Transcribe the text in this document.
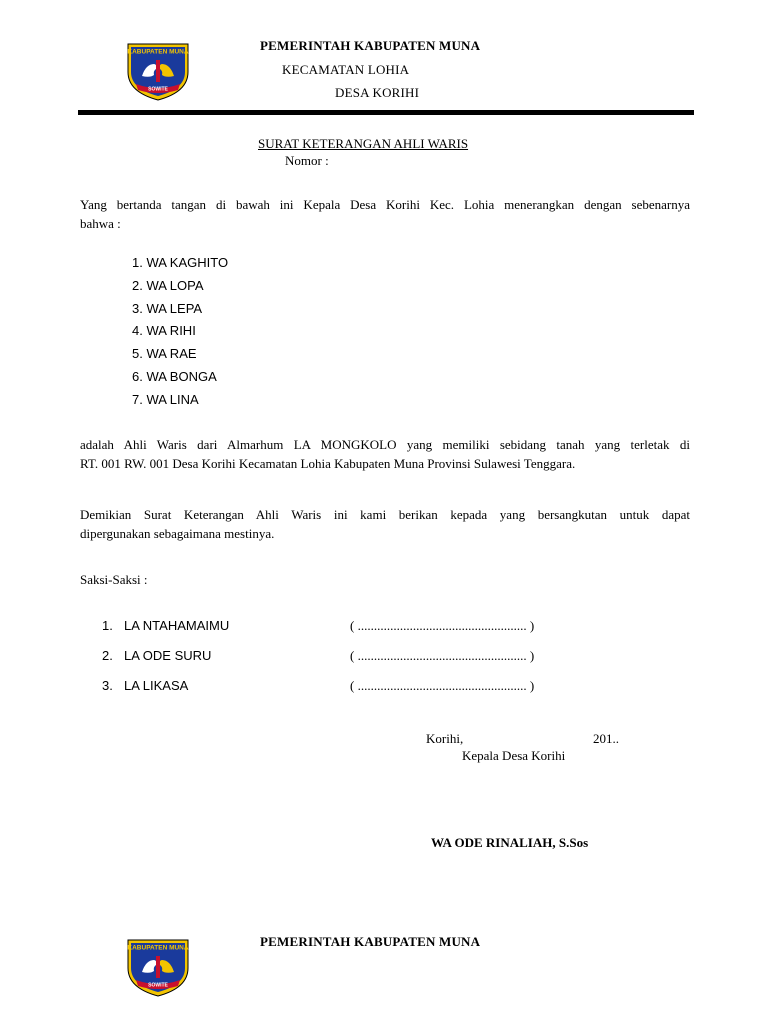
KABUPATEN MUNA
SOWITE
PEMERINTAH KABUPATEN MUNA
KECAMATAN LOHIA
DESA KORIHI
SURAT KETERANGAN AHLI WARIS
Nomor :
Yang bertanda tangan di bawah ini Kepala Desa Korihi Kec. Lohia menerangkan dengan sebenarnya
bahwa :
1. WA KAGHITO
2. WA LOPA
3. WA LEPA
4. WA RIHI
5. WA RAE
6. WA BONGA
7. WA LINA
adalah Ahli Waris dari Almarhum LA MONGKOLO yang memiliki sebidang tanah yang terletak di
RT. 001 RW. 001 Desa Korihi Kecamatan Lohia Kabupaten Muna Provinsi Sulawesi Tenggara.
Demikian Surat Keterangan Ahli Waris ini kami berikan kepada yang bersangkutan untuk dapat
dipergunakan sebagaimana mestinya.
Saksi-Saksi :
1. LA NTAHAMAIMU	( .................................................... )
2. LA ODE SURU	( .................................................... )
3. LA LIKASA	( .................................................... )
Korihi,	201..
Kepala Desa Korihi
WA ODE RINALIAH, S.Sos
KABUPATEN MUNA
SOWITE
PEMERINTAH KABUPATEN MUNA
